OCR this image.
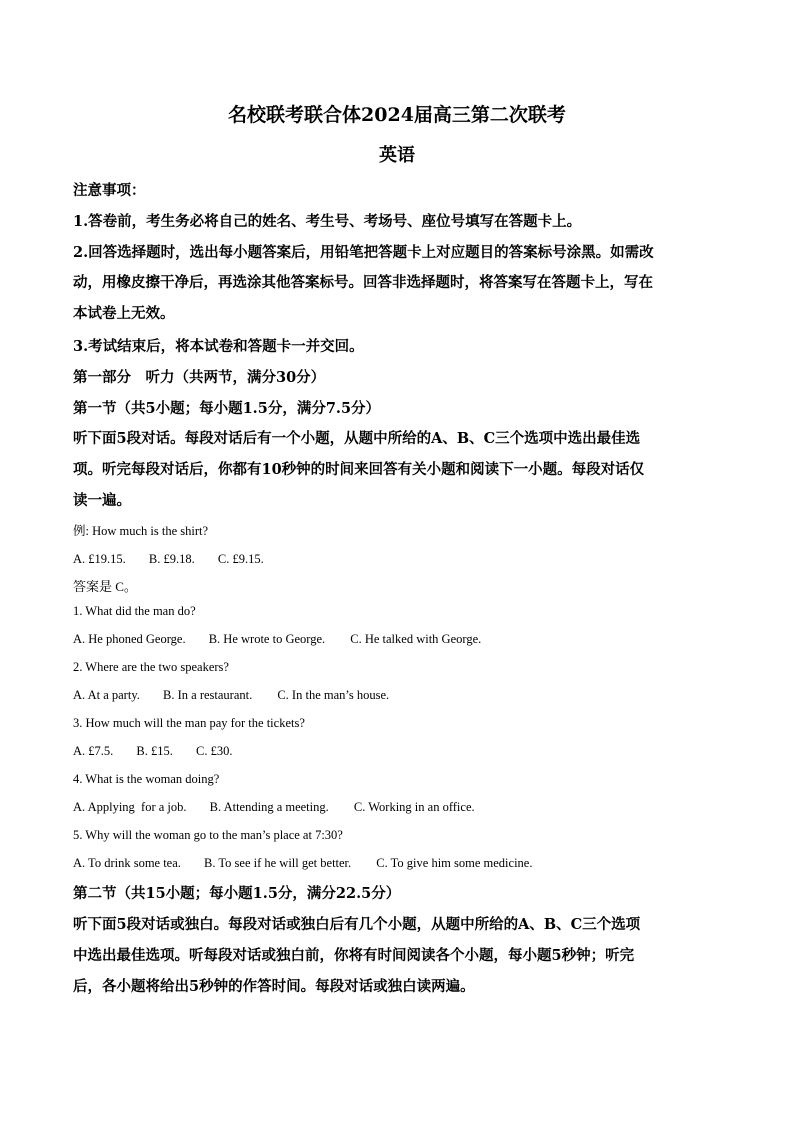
名校联考联合体2024届高三第二次联考
英语
注意事项：
1.答卷前，考生务必将自己的姓名、考生号、考场号、座位号填写在答题卡上。
2.回答选择题时，选出每小题答案后，用铅笔把答题卡上对应题目的答案标号涂黑。如需改
动，用橡皮擦干净后，再选涂其他答案标号。回答非选择题时，将答案写在答题卡上，写在
本试卷上无效。
3.考试结束后，将本试卷和答题卡一并交回。
第一部分　听力（共两节，满分30分）
第一节（共5小题；每小题1.5分，满分7.5分）
听下面5段对话。每段对话后有一个小题，从题中所给的A、B、C三个选项中选出最佳选
项。听完每段对话后，你都有10秒钟的时间来回答有关小题和阅读下一小题。每段对话仅
读一遍。
例: How much is the shirt?
A. £19.15. B. £9.18. C. £9.15.
答案是 C。
1. What did the man do?
A. He phoned George. B. He wrote to George. C. He talked with George.
2. Where are the two speakers?
A. At a party. B. In a restaurant. C. In the man’s house.
3. How much will the man pay for the tickets?
A. £7.5. B. £15. C. £30.
4. What is the woman doing?
A. Applying  for a job. B. Attending a meeting. C. Working in an office.
5. Why will the woman go to the man’s place at 7:30?
A. To drink some tea. B. To see if he will get better. C. To give him some medicine.
第二节（共15小题；每小题1.5分，满分22.5分）
听下面5段对话或独白。每段对话或独白后有几个小题，从题中所给的A、B、C三个选项
中选出最佳选项。听每段对话或独白前，你将有时间阅读各个小题，每小题5秒钟；听完
后，各小题将给出5秒钟的作答时间。每段对话或独白读两遍。
